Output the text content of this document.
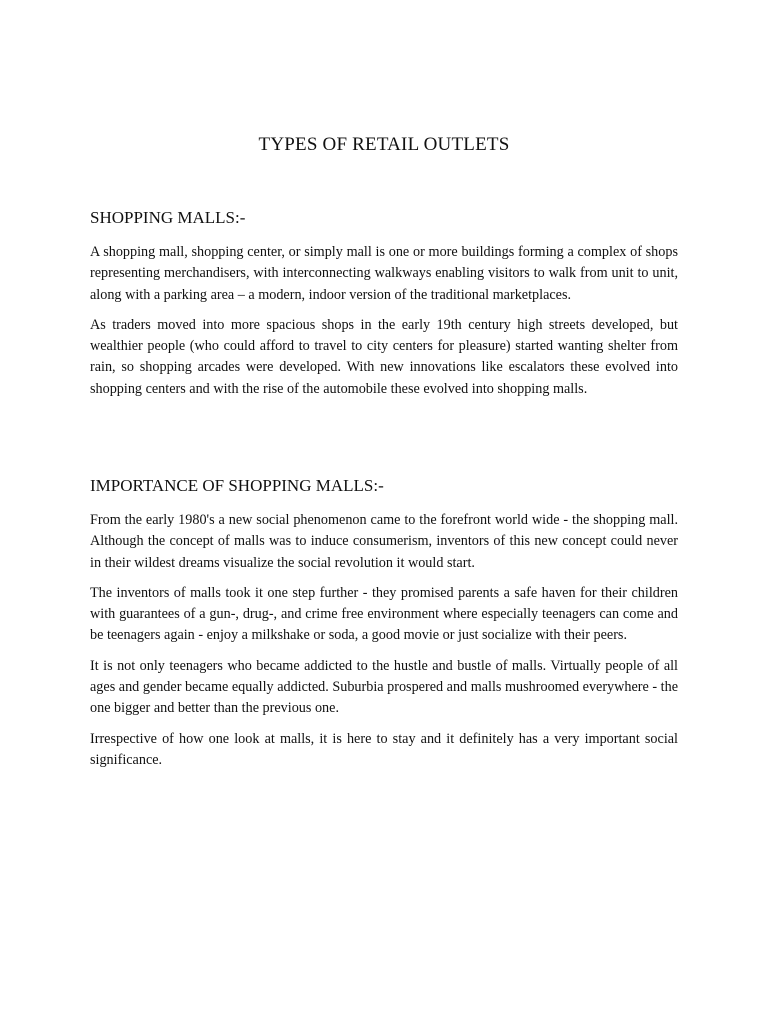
TYPES OF RETAIL OUTLETS
SHOPPING MALLS:-

A shopping mall, shopping center, or simply mall is one or more buildings forming a complex of shops representing merchandisers, with interconnecting walkways enabling visitors to walk from unit to unit, along with a parking area – a modern, indoor version of the traditional marketplaces.

As traders moved into more spacious shops in the early 19th century high streets developed, but wealthier people (who could afford to travel to city centers for pleasure) started wanting shelter from rain, so shopping arcades were developed. With new innovations like escalators these evolved into shopping centers and with the rise of the automobile these evolved into shopping malls.

IMPORTANCE OF SHOPPING MALLS:-

From the early 1980's a new social phenomenon came to the forefront world wide - the shopping mall. Although the concept of malls was to induce consumerism, inventors of this new concept could never in their wildest dreams visualize the social revolution it would start.

The inventors of malls took it one step further - they promised parents a safe haven for their children with guarantees of a gun-, drug-, and crime free environment where especially teenagers can come and be teenagers again - enjoy a milkshake or soda, a good movie or just socialize with their peers.

It is not only teenagers who became addicted to the hustle and bustle of malls. Virtually people of all ages and gender became equally addicted. Suburbia prospered and malls mushroomed everywhere - the one bigger and better than the previous one.

Irrespective of how one look at malls, it is here to stay and it definitely has a very important social significance.
